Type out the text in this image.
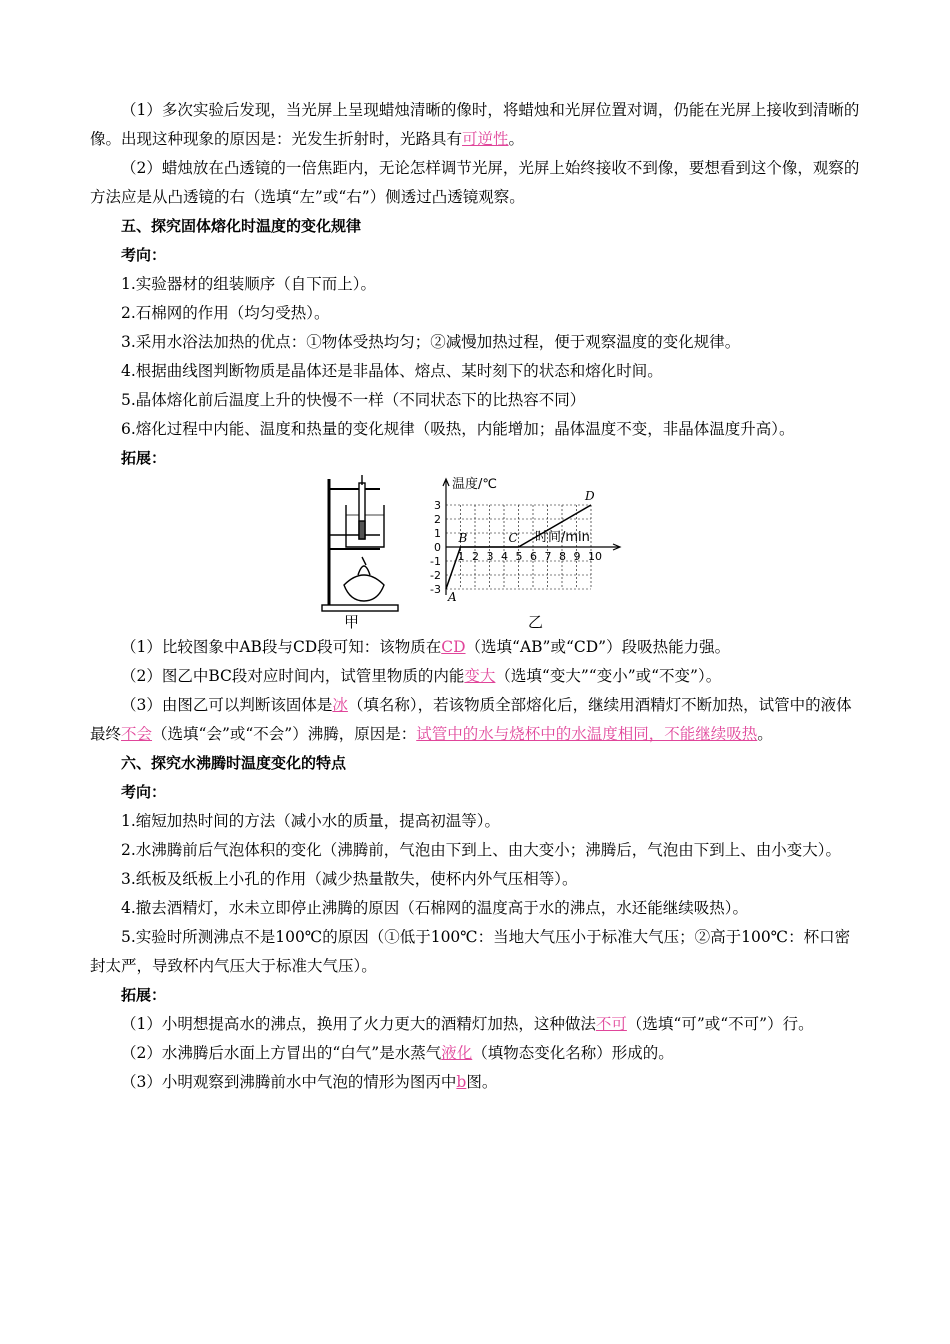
（1）多次实验后发现，当光屏上呈现蜡烛清晰的像时，将蜡烛和光屏位置对调，仍能在光屏上接收到清晰的像。出现这种现象的原因是：光发生折射时，光路具有可逆性。

（2）蜡烛放在凸透镜的一倍焦距内，无论怎样调节光屏，光屏上始终接收不到像，要想看到这个像，观察的方法应是从凸透镜的右（选填“左”或“右”）侧透过凸透镜观察。

五、探究固体熔化时温度的变化规律

考向：

1.实验器材的组装顺序（自下而上）。

2.石棉网的作用（均匀受热）。

3.采用水浴法加热的优点：①物体受热均匀；②减慢加热过程，便于观察温度的变化规律。

4.根据曲线图判断物质是晶体还是非晶体、熔点、某时刻下的状态和熔化时间。

5.晶体熔化前后温度上升的快慢不一样（不同状态下的比热容不同）

6.熔化过程中内能、温度和热量的变化规律（吸热，内能增加；晶体温度不变，非晶体温度升高）。

拓展：

甲
温度/℃
时间/min
1 2 3 4 5 6 7 8 9 10
3
2
1
0
-1
-2
-3
A
B	C
D
乙

（1）比较图象中AB段与CD段可知：该物质在CD（选填“AB”或“CD”）段吸热能力强。

（2）图乙中BC段对应时间内，试管里物质的内能变大（选填“变大”“变小”或“不变”）。

（3）由图乙可以判断该固体是冰（填名称），若该物质全部熔化后，继续用酒精灯不断加热，试管中的液体最终不会（选填“会”或“不会”）沸腾，原因是：试管中的水与烧杯中的水温度相同，不能继续吸热。

六、探究水沸腾时温度变化的特点

考向：

1.缩短加热时间的方法（减小水的质量，提高初温等）。

2.水沸腾前后气泡体积的变化（沸腾前，气泡由下到上、由大变小；沸腾后，气泡由下到上、由小变大）。

3.纸板及纸板上小孔的作用（减少热量散失，使杯内外气压相等）。

4.撤去酒精灯，水未立即停止沸腾的原因（石棉网的温度高于水的沸点，水还能继续吸热）。

5.实验时所测沸点不是100℃的原因（①低于100℃：当地大气压小于标准大气压；②高于100℃：杯口密封太严，导致杯内气压大于标准大气压）。

拓展：

（1）小明想提高水的沸点，换用了火力更大的酒精灯加热，这种做法不可（选填“可”或“不可”）行。

（2）水沸腾后水面上方冒出的“白气”是水蒸气液化（填物态变化名称）形成的。

（3）小明观察到沸腾前水中气泡的情形为图丙中b图。
